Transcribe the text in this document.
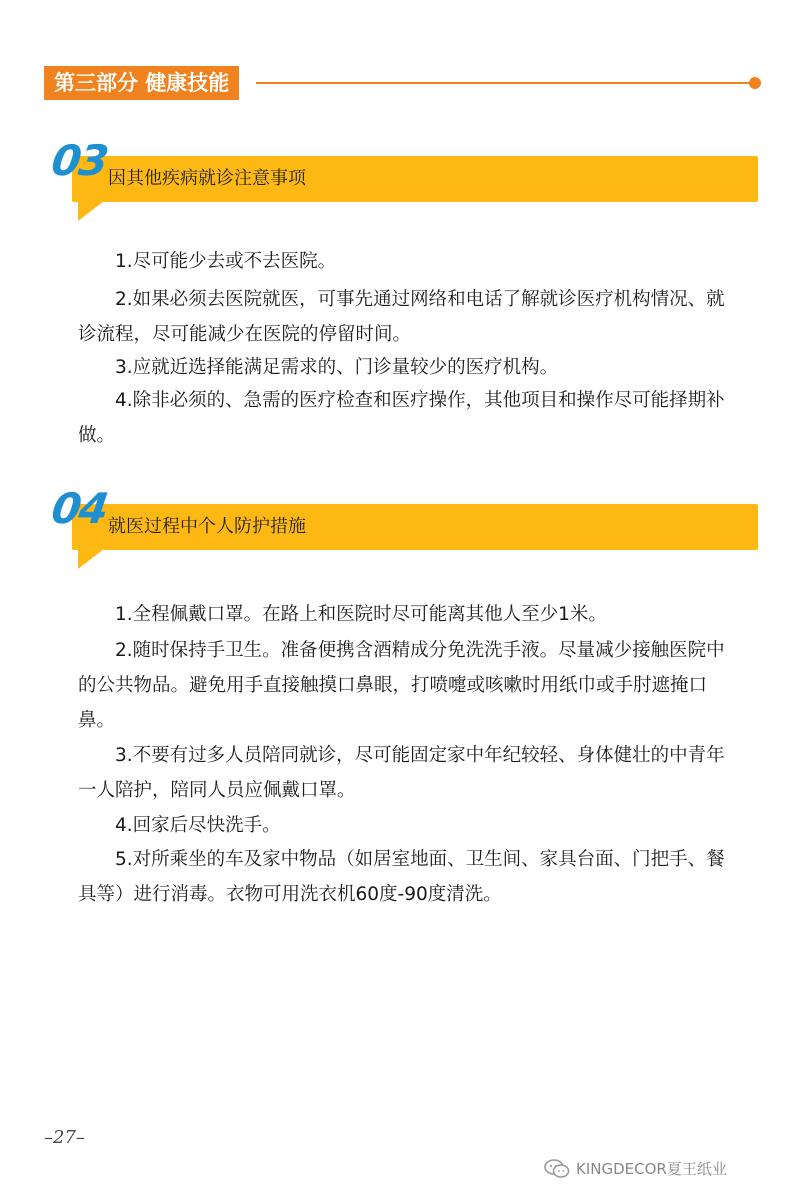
第三部分 健康技能
03
因其他疾病就诊注意事项

1.尽可能少去或不去医院。

2.如果必须去医院就医，可事先通过网络和电话了解就诊医疗机构情况、就诊流程，尽可能减少在医院的停留时间。

3.应就近选择能满足需求的、门诊量较少的医疗机构。

4.除非必须的、急需的医疗检查和医疗操作，其他项目和操作尽可能择期补做。

04
就医过程中个人防护措施

1.全程佩戴口罩。在路上和医院时尽可能离其他人至少1米。

2.随时保持手卫生。准备便携含酒精成分免洗洗手液。尽量减少接触医院中的公共物品。避免用手直接触摸口鼻眼，打喷嚏或咳嗽时用纸巾或手肘遮掩口鼻。

3.不要有过多人员陪同就诊，尽可能固定家中年纪较轻、身体健壮的中青年一人陪护，陪同人员应佩戴口罩。

4.回家后尽快洗手。

5.对所乘坐的车及家中物品（如居室地面、卫生间、家具台面、门把手、餐具等）进行消毒。衣物可用洗衣机60度-90度清洗。

–27–
KINGDECOR夏王纸业
